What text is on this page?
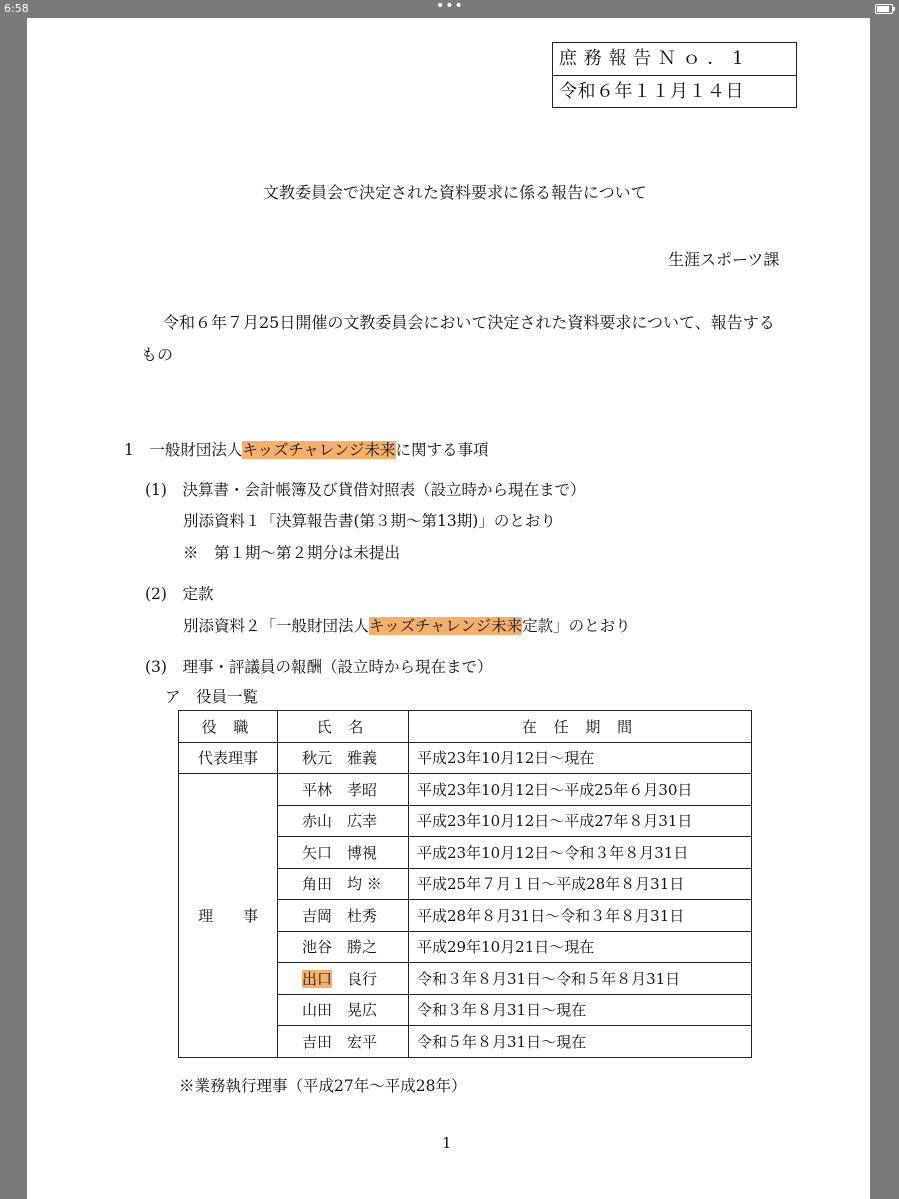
6:58	•••
庶 務 報 告 Ｎ ｏ ． 1
令和６年１１月１４日
文教委員会で決定された資料要求に係る報告について
生涯スポーツ課
令和６年７月25日開催の文教委員会において決定された資料要求について、報告する
もの
1　一般財団法人キッズチャレンジ未来に関する事項
(1)　決算書・会計帳簿及び貸借対照表（設立時から現在まで）
別添資料１「決算報告書(第３期～第13期)」のとおり
※　第１期～第２期分は未提出
(2)　定款
別添資料２「一般財団法人キッズチャレンジ未来定款」のとおり
(3)　理事・評議員の報酬（設立時から現在まで）
ア　役員一覧
役 職	氏 名	在 任 期 間
代表理事	秋元　雅義	平成23年10月12日～現在
理　　事	平林　孝昭	平成23年10月12日～平成25年６月30日
	赤山　広幸	平成23年10月12日～平成27年８月31日
	矢口　博視	平成23年10月12日～令和３年８月31日
	角田　均 ※	平成25年７月１日～平成28年８月31日
	吉岡　杜秀	平成28年８月31日～令和３年８月31日
	池谷　勝之	平成29年10月21日～現在
	出口　良行	令和３年８月31日～令和５年８月31日
	山田　晃広	令和３年８月31日～現在
	吉田　宏平	令和５年８月31日～現在
※業務執行理事（平成27年～平成28年）
1
